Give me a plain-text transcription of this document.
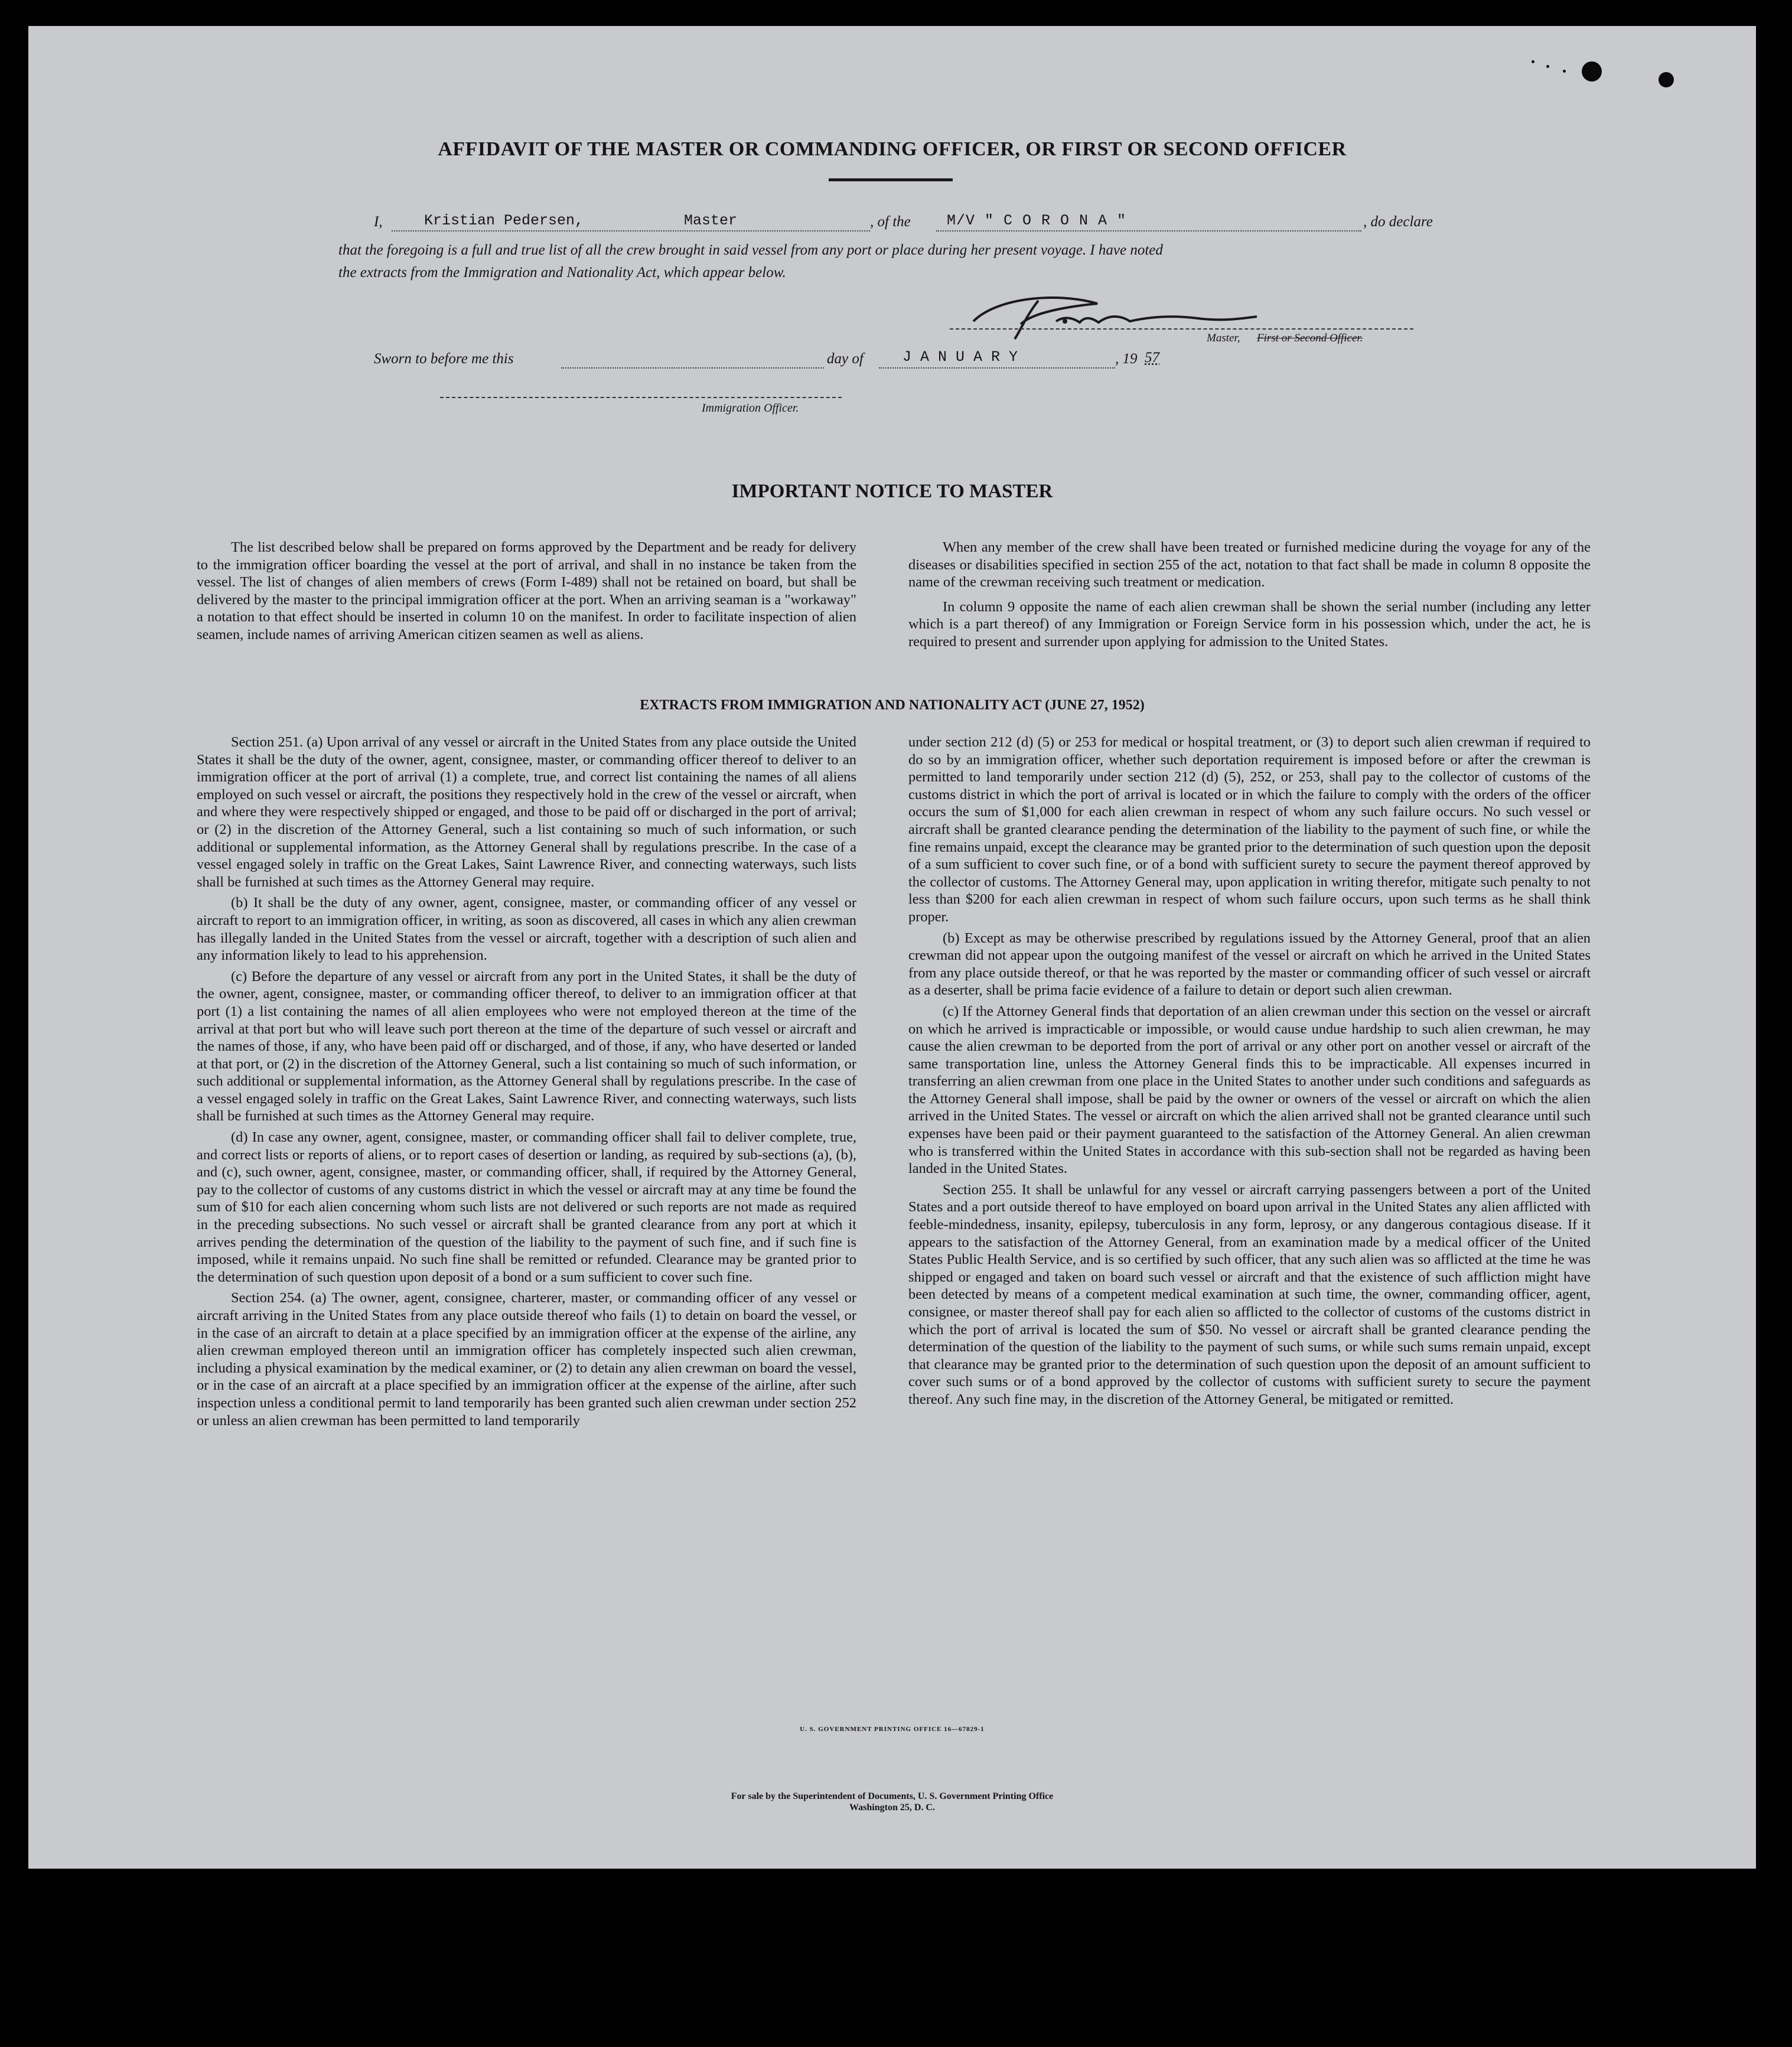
AFFIDAVIT OF THE MASTER OR COMMANDING OFFICER, OR FIRST OR SECOND OFFICER
I,	Kristian Pedersen,	Master	, of the M/V " C O R O N A "	, do declare
that the foregoing is a full and true list of all the crew brought in said vessel from any port or place during her present voyage. I have noted
the extracts from the Immigration and Nationality Act, which appear below.
Master, First or Second Officer.
Sworn to before me this	day of	J A N U A R Y	, 19 57
Immigration Officer.
IMPORTANT NOTICE TO MASTER

The list described below shall be prepared on forms approved by the Department and be ready for delivery to the immigration officer boarding the vessel at the port of arrival, and shall in no instance be taken from the vessel. The list of changes of alien members of crews (Form I-489) shall not be retained on board, but shall be delivered by the master to the principal immigration officer at the port. When an arriving seaman is a "workaway" a notation to that effect should be inserted in column 10 on the manifest. In order to facilitate inspection of alien seamen, include names of arriving American citizen seamen as well as aliens.

When any member of the crew shall have been treated or furnished medicine during the voyage for any of the diseases or disabilities specified in section 255 of the act, notation to that fact shall be made in column 8 opposite the name of the crewman receiving such treatment or medication.

In column 9 opposite the name of each alien crewman shall be shown the serial number (including any letter which is a part thereof) of any Immigration or Foreign Service form in his possession which, under the act, he is required to present and surrender upon applying for admission to the United States.

EXTRACTS FROM IMMIGRATION AND NATIONALITY ACT (JUNE 27, 1952)

Section 251. (a) Upon arrival of any vessel or aircraft in the United States from any place outside the United States it shall be the duty of the owner, agent, consignee, master, or commanding officer thereof to deliver to an immigration officer at the port of arrival (1) a complete, true, and correct list containing the names of all aliens employed on such vessel or aircraft, the positions they respectively hold in the crew of the vessel or aircraft, when and where they were respectively shipped or engaged, and those to be paid off or discharged in the port of arrival; or (2) in the discretion of the Attorney General, such a list containing so much of such information, or such additional or supplemental information, as the Attorney General shall by regulations prescribe. In the case of a vessel engaged solely in traffic on the Great Lakes, Saint Lawrence River, and connecting waterways, such lists shall be furnished at such times as the Attorney General may require.

(b) It shall be the duty of any owner, agent, consignee, master, or commanding officer of any vessel or aircraft to report to an immigration officer, in writing, as soon as discovered, all cases in which any alien crewman has illegally landed in the United States from the vessel or aircraft, together with a description of such alien and any information likely to lead to his apprehension.

(c) Before the departure of any vessel or aircraft from any port in the United States, it shall be the duty of the owner, agent, consignee, master, or commanding officer thereof, to deliver to an immigration officer at that port (1) a list containing the names of all alien employees who were not employed thereon at the time of the arrival at that port but who will leave such port thereon at the time of the departure of such vessel or aircraft and the names of those, if any, who have been paid off or discharged, and of those, if any, who have deserted or landed at that port, or (2) in the discretion of the Attorney General, such a list containing so much of such information, or such additional or supplemental information, as the Attorney General shall by regulations prescribe. In the case of a vessel engaged solely in traffic on the Great Lakes, Saint Lawrence River, and connecting waterways, such lists shall be furnished at such times as the Attorney General may require.

(d) In case any owner, agent, consignee, master, or commanding officer shall fail to deliver complete, true, and correct lists or reports of aliens, or to report cases of desertion or landing, as required by sub-sections (a), (b), and (c), such owner, agent, consignee, master, or commanding officer, shall, if required by the Attorney General, pay to the collector of customs of any customs district in which the vessel or aircraft may at any time be found the sum of $10 for each alien concerning whom such lists are not delivered or such reports are not made as required in the preceding subsections. No such vessel or aircraft shall be granted clearance from any port at which it arrives pending the determination of the question of the liability to the payment of such fine, and if such fine is imposed, while it remains unpaid. No such fine shall be remitted or refunded. Clearance may be granted prior to the determination of such question upon deposit of a bond or a sum sufficient to cover such fine.

Section 254. (a) The owner, agent, consignee, charterer, master, or commanding officer of any vessel or aircraft arriving in the United States from any place outside thereof who fails (1) to detain on board the vessel, or in the case of an aircraft to detain at a place specified by an immigration officer at the expense of the airline, any alien crewman employed thereon until an immigration officer has completely inspected such alien crewman, including a physical examination by the medical examiner, or (2) to detain any alien crewman on board the vessel, or in the case of an aircraft at a place specified by an immigration officer at the expense of the airline, after such inspection unless a conditional permit to land temporarily has been granted such alien crewman under section 252 or unless an alien crewman has been permitted to land temporarily

under section 212 (d) (5) or 253 for medical or hospital treatment, or (3) to deport such alien crewman if required to do so by an immigration officer, whether such deportation requirement is imposed before or after the crewman is permitted to land temporarily under section 212 (d) (5), 252, or 253, shall pay to the collector of customs of the customs district in which the port of arrival is located or in which the failure to comply with the orders of the officer occurs the sum of $1,000 for each alien crewman in respect of whom any such failure occurs. No such vessel or aircraft shall be granted clearance pending the determination of the liability to the payment of such fine, or while the fine remains unpaid, except the clearance may be granted prior to the determination of such question upon the deposit of a sum sufficient to cover such fine, or of a bond with sufficient surety to secure the payment thereof approved by the collector of customs. The Attorney General may, upon application in writing therefor, mitigate such penalty to not less than $200 for each alien crewman in respect of whom such failure occurs, upon such terms as he shall think proper.

(b) Except as may be otherwise prescribed by regulations issued by the Attorney General, proof that an alien crewman did not appear upon the outgoing manifest of the vessel or aircraft on which he arrived in the United States from any place outside thereof, or that he was reported by the master or commanding officer of such vessel or aircraft as a deserter, shall be prima facie evidence of a failure to detain or deport such alien crewman.

(c) If the Attorney General finds that deportation of an alien crewman under this section on the vessel or aircraft on which he arrived is impracticable or impossible, or would cause undue hardship to such alien crewman, he may cause the alien crewman to be deported from the port of arrival or any other port on another vessel or aircraft of the same transportation line, unless the Attorney General finds this to be impracticable. All expenses incurred in transferring an alien crewman from one place in the United States to another under such conditions and safeguards as the Attorney General shall impose, shall be paid by the owner or owners of the vessel or aircraft on which the alien arrived in the United States. The vessel or aircraft on which the alien arrived shall not be granted clearance until such expenses have been paid or their payment guaranteed to the satisfaction of the Attorney General. An alien crewman who is transferred within the United States in accordance with this sub-section shall not be regarded as having been landed in the United States.

Section 255. It shall be unlawful for any vessel or aircraft carrying passengers between a port of the United States and a port outside thereof to have employed on board upon arrival in the United States any alien afflicted with feeble-mindedness, insanity, epilepsy, tuberculosis in any form, leprosy, or any dangerous contagious disease. If it appears to the satisfaction of the Attorney General, from an examination made by a medical officer of the United States Public Health Service, and is so certified by such officer, that any such alien was so afflicted at the time he was shipped or engaged and taken on board such vessel or aircraft and that the existence of such affliction might have been detected by means of a competent medical examination at such time, the owner, commanding officer, agent, consignee, or master thereof shall pay for each alien so afflicted to the collector of customs of the customs district in which the port of arrival is located the sum of $50. No vessel or aircraft shall be granted clearance pending the determination of the question of the liability to the payment of such sums, or while such sums remain unpaid, except that clearance may be granted prior to the determination of such question upon the deposit of an amount sufficient to cover such sums or of a bond approved by the collector of customs with sufficient surety to secure the payment thereof. Any such fine may, in the discretion of the Attorney General, be mitigated or remitted.

U. S. GOVERNMENT PRINTING OFFICE 16—67829-1
For sale by the Superintendent of Documents, U. S. Government Printing Office
Washington 25, D. C.
